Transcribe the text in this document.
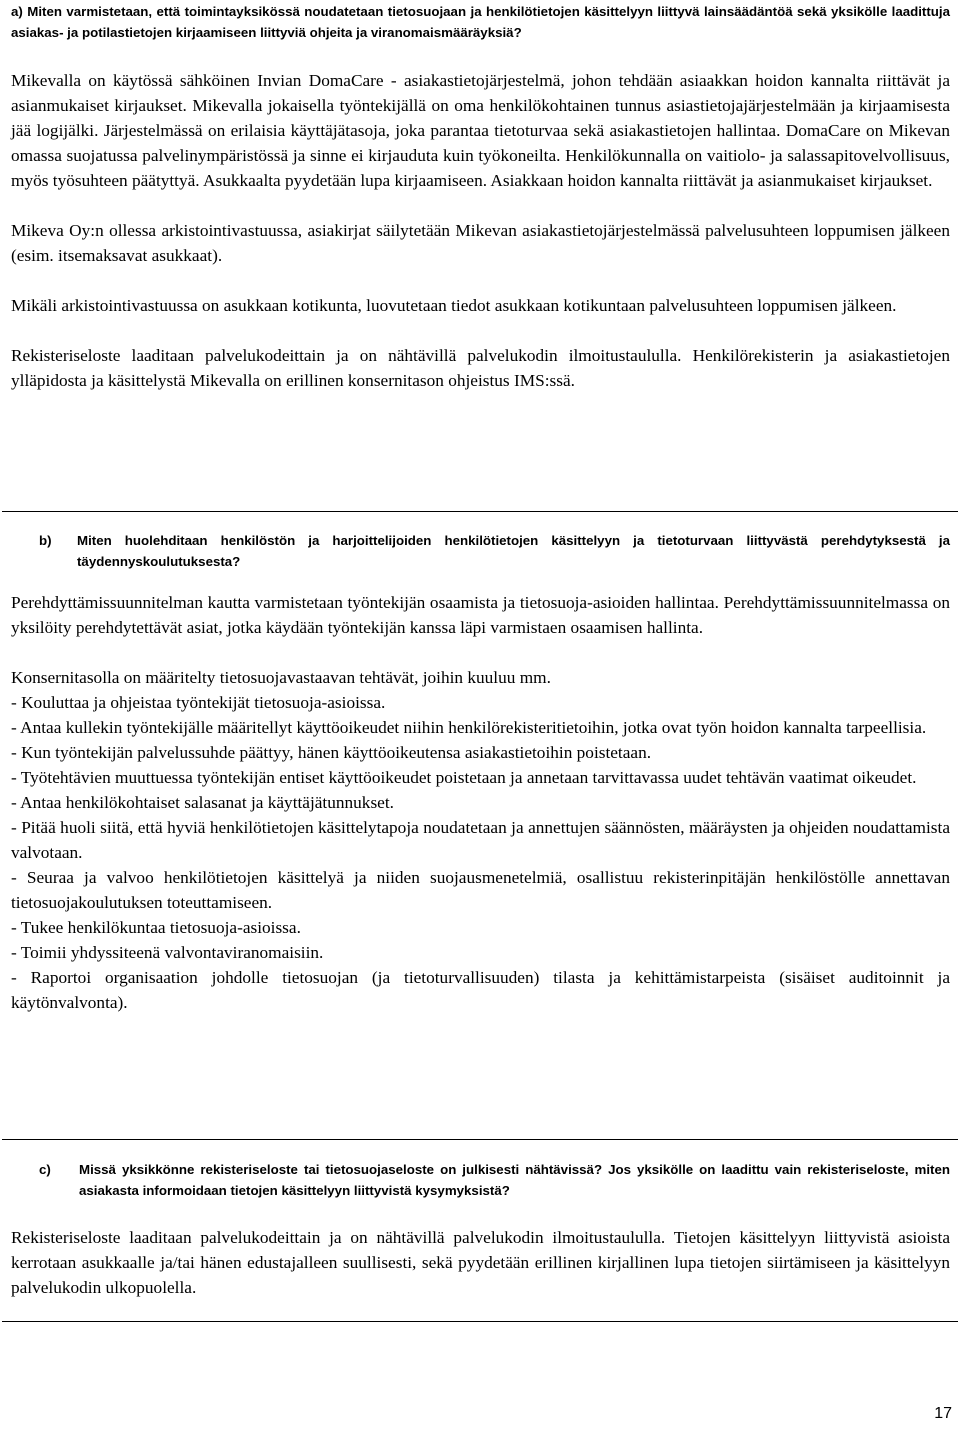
a) Miten varmistetaan, että toimintayksikössä noudatetaan tietosuojaan ja henkilötietojen käsittelyyn liittyvä lainsäädäntöä sekä yksikölle laadittuja asiakas- ja potilastietojen kirjaamiseen liittyviä ohjeita ja viranomaismääräyksiä?

Mikevalla on käytössä sähköinen Invian DomaCare - asiakastietojärjestelmä, johon tehdään asiaakkan hoidon kannalta riittävät ja asianmukaiset kirjaukset. Mikevalla jokaisella työntekijällä on oma henkilökohtainen tunnus asiastietojajärjestelmään ja kirjaamisesta jää logijälki. Järjestelmässä on erilaisia käyttäjätasoja, joka parantaa tietoturvaa sekä asiakastietojen hallintaa. DomaCare on Mikevan omassa suojatussa palvelinympäristössä ja sinne ei kirjauduta kuin työkoneilta. Henkilökunnalla on vaitiolo- ja salassapitovelvollisuus, myös työsuhteen päätyttyä. Asukkaalta pyydetään lupa kirjaamiseen. Asiakkaan hoidon kannalta riittävät ja asianmukaiset kirjaukset.

Mikeva Oy:n ollessa arkistointivastuussa, asiakirjat säilytetään Mikevan asiakastietojärjestelmässä palvelusuhteen loppumisen jälkeen (esim. itsemaksavat asukkaat).

Mikäli arkistointivastuussa on asukkaan kotikunta, luovutetaan tiedot asukkaan kotikuntaan palvelusuhteen loppumisen jälkeen.

Rekisteriseloste laaditaan palvelukodeittain ja on nähtävillä palvelukodin ilmoitustaululla. Henkilörekisterin ja asiakastietojen ylläpidosta ja käsittelystä Mikevalla on erillinen konsernitason ohjeistus IMS:ssä.

b)	Miten huolehditaan henkilöstön ja harjoittelijoiden henkilötietojen käsittelyyn ja tietoturvaan liittyvästä perehdytyksestä ja täydennyskoulutuksesta?

Perehdyttämissuunnitelman kautta varmistetaan työntekijän osaamista ja tietosuoja-asioiden hallintaa. Perehdyttämissuunnitelmassa on yksilöity perehdytettävät asiat, jotka käydään työntekijän kanssa läpi varmistaen osaamisen hallinta.

Konsernitasolla on määritelty tietosuojavastaavan tehtävät, joihin kuuluu mm.

- Kouluttaa ja ohjeistaa työntekijät tietosuoja-asioissa.
- Antaa kullekin työntekijälle määritellyt käyttöoikeudet niihin henkilörekisteritietoihin, jotka ovat työn hoidon kannalta tarpeellisia.
- Kun työntekijän palvelussuhde päättyy, hänen käyttöoikeutensa asiakastietoihin poistetaan.
- Työtehtävien muuttuessa työntekijän entiset käyttöoikeudet poistetaan ja annetaan tarvittavassa uudet tehtävän vaatimat oikeudet.
- Antaa henkilökohtaiset salasanat ja käyttäjätunnukset.
- Pitää huoli siitä, että hyviä henkilötietojen käsittelytapoja noudatetaan ja annettujen säännösten, määräysten ja ohjeiden noudattamista valvotaan.
- Seuraa ja valvoo henkilötietojen käsittelyä ja niiden suojausmenetelmiä, osallistuu rekisterinpitäjän henkilöstölle annettavan tietosuojakoulutuksen toteuttamiseen.
- Tukee henkilökuntaa tietosuoja-asioissa.
- Toimii yhdyssiteenä valvontaviranomaisiin.
- Raportoi organisaation johdolle tietosuojan (ja tietoturvallisuuden) tilasta ja kehittämistarpeista (sisäiset auditoinnit ja käytönvalvonta).
c)	Missä yksikkönne rekisteriseloste tai tietosuojaseloste on julkisesti nähtävissä? Jos yksikölle on laadittu vain rekisteriseloste, miten asiakasta informoidaan tietojen käsittelyyn liittyvistä kysymyksistä?

Rekisteriseloste laaditaan palvelukodeittain ja on nähtävillä palvelukodin ilmoitustaululla. Tietojen käsittelyyn liittyvistä asioista kerrotaan asukkaalle ja/tai hänen edustajalleen suullisesti, sekä pyydetään erillinen kirjallinen lupa tietojen siirtämiseen ja käsittelyyn palvelukodin ulkopuolella.

17
